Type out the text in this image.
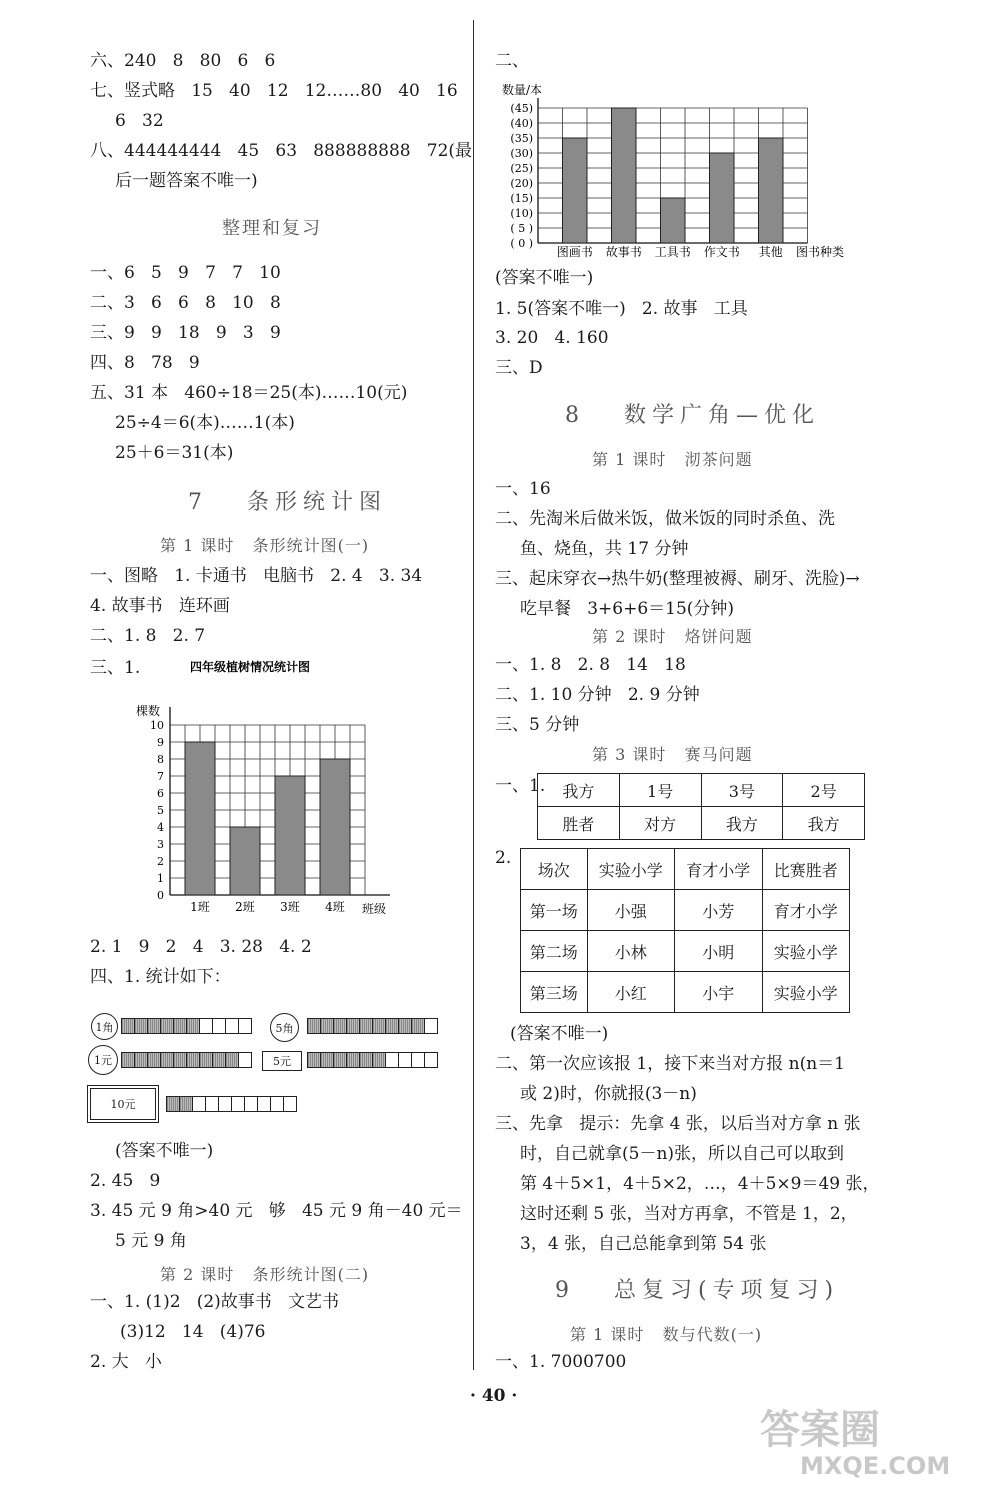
六、240   8   80   6   6
七、竖式略   15   40   12   12……80   40   16
6   32
八、444444444   45   63   888888888   72(最
后一题答案不唯一)
整理和复习
一、6   5   9   7   7   10
二、3   6   6   8   10   8
三、9   9   18   9   3   9
四、8   78   9
五、31 本   460÷18＝25(本)……10(元)
25÷4＝6(本)……1(本)
25＋6＝31(本)
7   条形统计图
第 1 课时   条形统计图(一)
一、图略   1. 卡通书   电脑书   2. 4   3. 34
4. 故事书   连环画
二、1. 8   2. 7
三、1.	四年级植树情况统计图
棵数
班级
0
1
2
3
4
5
6
7
8
9
10
1班 2班 3班 4班
2. 1   9   2   4   3. 28   4. 2
四、1. 统计如下：
1角	5角
1元	5元
10元
(答案不唯一)
2. 45   9
3. 45 元 9 角>40 元   够   45 元 9 角－40 元＝
5 元 9 角
第 2 课时   条形统计图(二)
一、1. (1)2   (2)故事书   文艺书
(3)12   14   (4)76
2. 大   小
二、
数量/本
图书种类
( 0 )
( 5 )
(10)
(15)
(20)
(25)
(30)
(35)
(40)
(45)
图画书 故事书 工具书 作文书 其他
(答案不唯一)
1. 5(答案不唯一)   2. 故事   工具
3. 20   4. 160
三、D
8   数学广角—优化
第 1 课时   沏茶问题
一、16
二、先淘米后做米饭，做米饭的同时杀鱼、洗
鱼、烧鱼，共 17 分钟
三、起床穿衣→热牛奶(整理被褥、刷牙、洗脸)→
吃早餐   3+6+6＝15(分钟)
第 2 课时   烙饼问题
一、1. 8   2. 8   14   18
二、1. 10 分钟   2. 9 分钟
三、5 分钟
第 3 课时   赛马问题
一、1. 我方	1号	3号	2号
胜者	对方	我方	我方
2.
场次	实验小学	育才小学	比赛胜者
第一场	小强	小芳	育才小学
第二场	小林	小明	实验小学
第三场	小红	小宇	实验小学
(答案不唯一)
二、第一次应该报 1，接下来当对方报 n(n＝1
或 2)时，你就报(3－n)
三、先拿   提示：先拿 4 张，以后当对方拿 n 张
时，自己就拿(5－n)张，所以自己可以取到
第 4＋5×1，4＋5×2，…，4＋5×9＝49 张，
这时还剩 5 张，当对方再拿，不管是 1，2，
3，4 张，自己总能拿到第 54 张
9   总复习(专项复习)
第 1 课时   数与代数(一)
一、1. 7000700
· 40 ·
答案圈
MXQE.COM
